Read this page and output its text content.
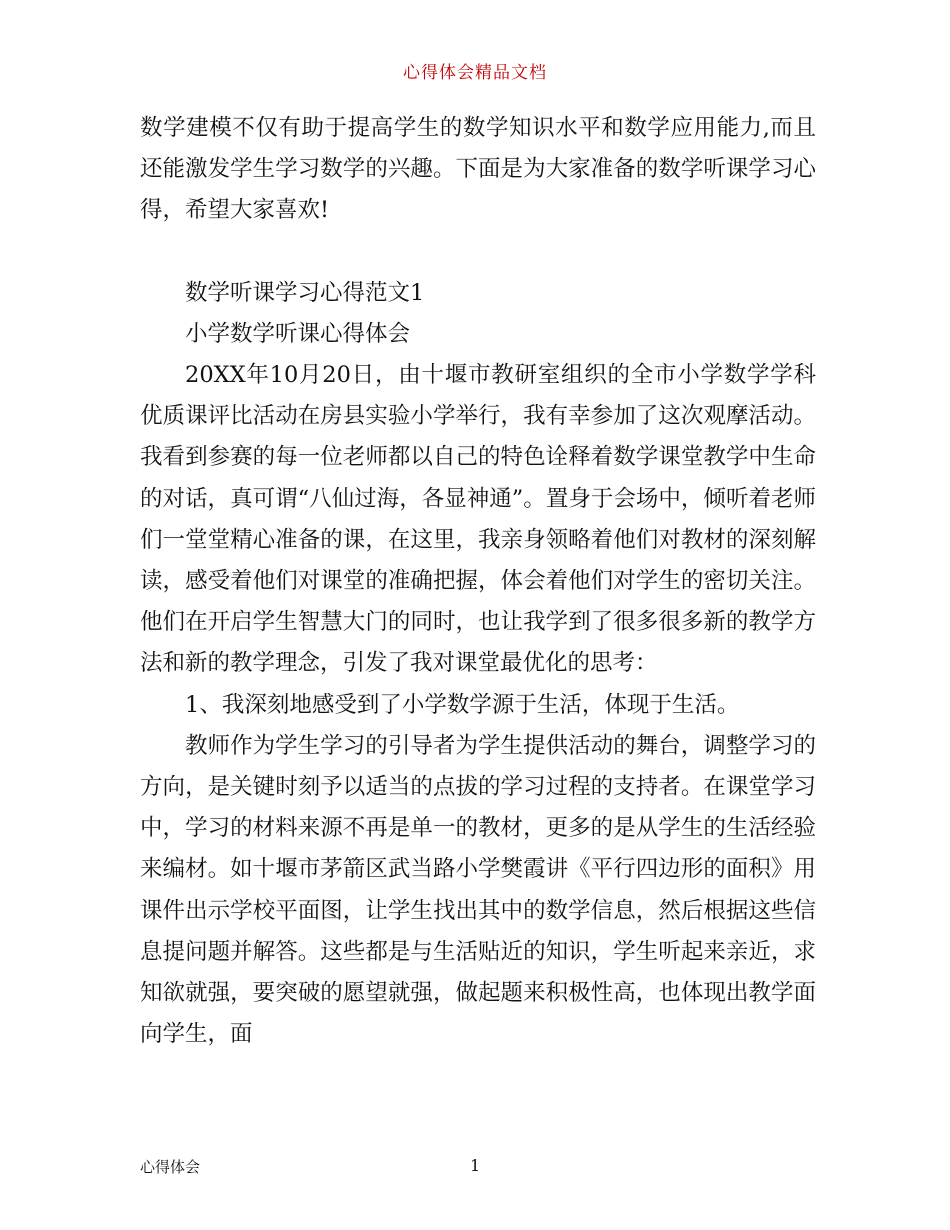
心得体会精品文档

数学建模不仅有助于提高学生的数学知识水平和数学应用能力,而且还能激发学生学习数学的兴趣。下面是为大家准备的数学听课学习心得，希望大家喜欢!

数学听课学习心得范文1

小学数学听课心得体会

20XX年10月20日，由十堰市教研室组织的全市小学数学学科优质课评比活动在房县实验小学举行，我有幸参加了这次观摩活动。我看到参赛的每一位老师都以自己的特色诠释着数学课堂教学中生命的对话，真可谓“八仙过海，各显神通”。置身于会场中，倾听着老师们一堂堂精心准备的课，在这里，我亲身领略着他们对教材的深刻解读，感受着他们对课堂的准确把握，体会着他们对学生的密切关注。他们在开启学生智慧大门的同时，也让我学到了很多很多新的教学方法和新的教学理念，引发了我对课堂最优化的思考：

1、我深刻地感受到了小学数学源于生活，体现于生活。

教师作为学生学习的引导者为学生提供活动的舞台，调整学习的方向，是关键时刻予以适当的点拔的学习过程的支持者。在课堂学习中，学习的材料来源不再是单一的教材，更多的是从学生的生活经验来编材。如十堰市茅箭区武当路小学樊霞讲《平行四边形的面积》用课件出示学校平面图，让学生找出其中的数学信息，然后根据这些信息提问题并解答。这些都是与生活贴近的知识，学生听起来亲近，求知欲就强，要突破的愿望就强，做起题来积极性高，也体现出教学面向学生，面

心得体会	1
